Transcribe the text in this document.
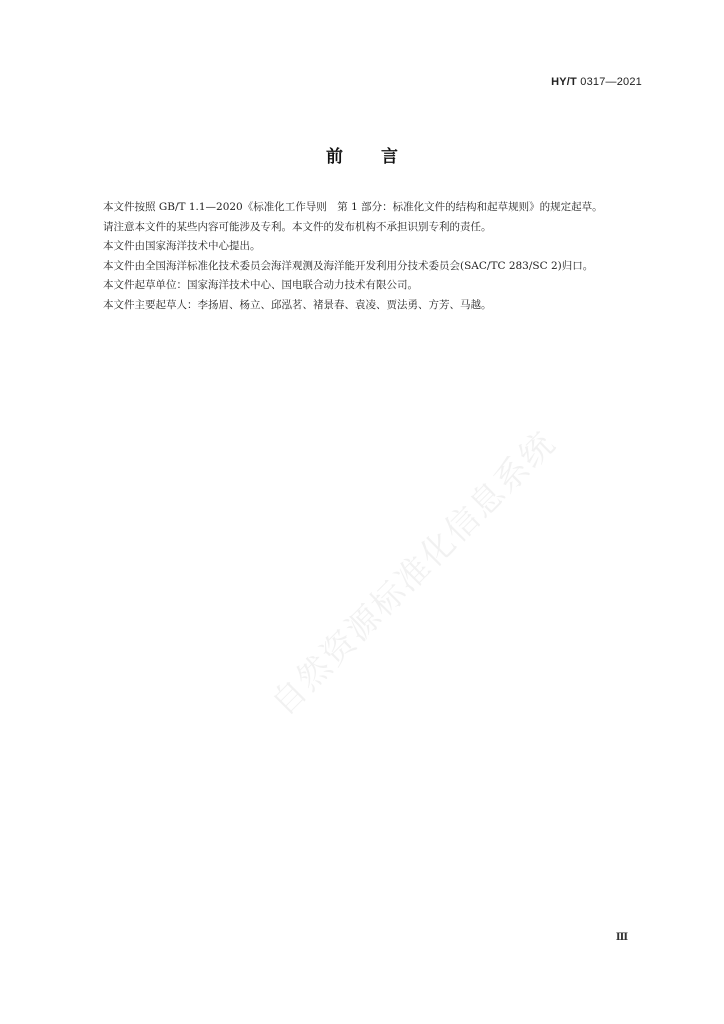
HY/T 0317—2021
前言

本文件按照 GB/T 1.1—2020《标准化工作导则　第 1 部分：标准化文件的结构和起草规则》的规定起草。

请注意本文件的某些内容可能涉及专利。本文件的发布机构不承担识别专利的责任。

本文件由国家海洋技术中心提出。

本文件由全国海洋标准化技术委员会海洋观测及海洋能开发利用分技术委员会(SAC/TC 283/SC 2)归口。

本文件起草单位：国家海洋技术中心、国电联合动力技术有限公司。

本文件主要起草人：李扬眉、杨立、邱泓茗、褚景春、袁凌、贾法勇、方芳、马越。

自然资源标准化信息系统
Ⅲ
